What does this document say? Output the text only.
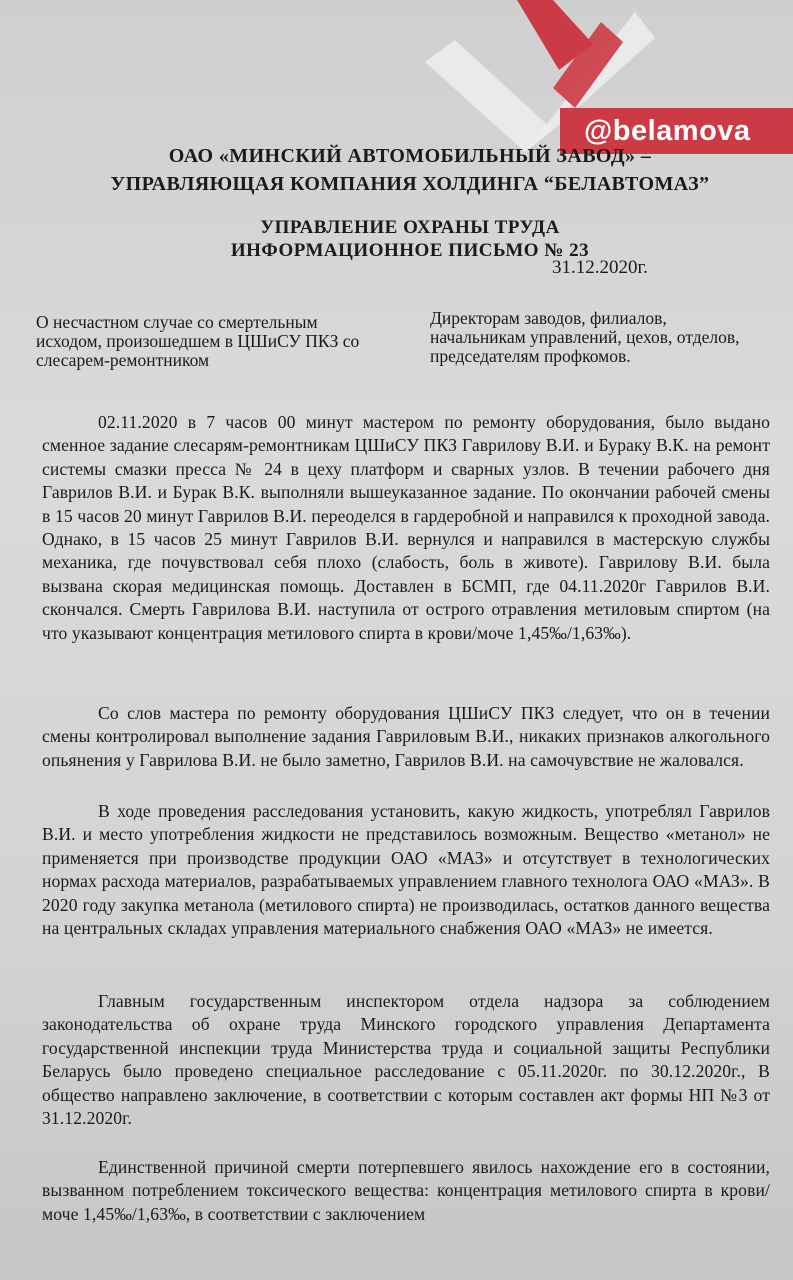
@belamova
ОАО «МИНСКИЙ АВТОМОБИЛЬНЫЙ ЗАВОД» –
УПРАВЛЯЮЩАЯ КОМПАНИЯ ХОЛДИНГА “БЕЛАВТОМАЗ”
УПРАВЛЕНИЕ ОХРАНЫ ТРУДА
ИНФОРМАЦИОННОЕ ПИСЬМО № 23
31.12.2020г.
О несчастном случае со смертельным исходом, произошедшем в ЦШиСУ ПКЗ со слесарем-ремонтником
Директорам заводов, филиалов, начальникам управлений, цехов, отделов, председателям профкомов.

02.11.2020 в 7 часов 00 минут мастером по ремонту оборудования, было выдано сменное задание слесарям-ремонтникам ЦШиСУ ПКЗ Гаврилову В.И. и Бураку В.К. на ремонт системы смазки пресса № 24 в цеху платформ и сварных узлов. В течении рабочего дня Гаврилов В.И. и Бурак В.К. выполняли вышеуказанное задание. По окончании рабочей смены в 15 часов 20 минут Гаврилов В.И. переоделся в гардеробной и направился к проходной завода. Однако, в 15 часов 25 минут Гаврилов В.И. вернулся и направился в мастерскую службы механика, где почувствовал себя плохо (слабость, боль в животе). Гаврилову В.И. была вызвана скорая медицинская помощь. Доставлен в БСМП, где 04.11.2020г Гаврилов В.И. скончался. Смерть Гаврилова В.И. наступила от острого отравления метиловым спиртом (на что указывают концентрация метилового спирта в крови/моче 1,45‰/1,63‰).

Со слов мастера по ремонту оборудования ЦШиСУ ПКЗ следует, что он в течении смены контролировал выполнение задания Гавриловым В.И., никаких признаков алкогольного опьянения у Гаврилова В.И. не было заметно, Гаврилов В.И. на самочувствие не жаловался.

В ходе проведения расследования установить, какую жидкость, употреблял Гаврилов В.И. и место употребления жидкости не представилось возможным. Вещество «метанол» не применяется при производстве продукции ОАО «МАЗ» и отсутствует в технологических нормах расхода материалов, разрабатываемых управлением главного технолога ОАО «МАЗ». В 2020 году закупка метанола (метилового спирта) не производилась, остатков данного вещества на центральных складах управления материального снабжения ОАО «МАЗ» не имеется.

Главным государственным инспектором отдела надзора за соблюдением законодательства об охране труда Минского городского управления Департамента государственной инспекции труда Министерства труда и социальной защиты Республики Беларусь было проведено специальное расследование с 05.11.2020г. по 30.12.2020г., В общество направлено заключение, в соответствии с которым составлен акт формы НП №3 от 31.12.2020г.

Единственной причиной смерти потерпевшего явилось нахождение его в состоянии, вызванном потреблением токсического вещества: концентрация метилового спирта в крови/моче 1,45‰/1,63‰, в соответствии с заключением
